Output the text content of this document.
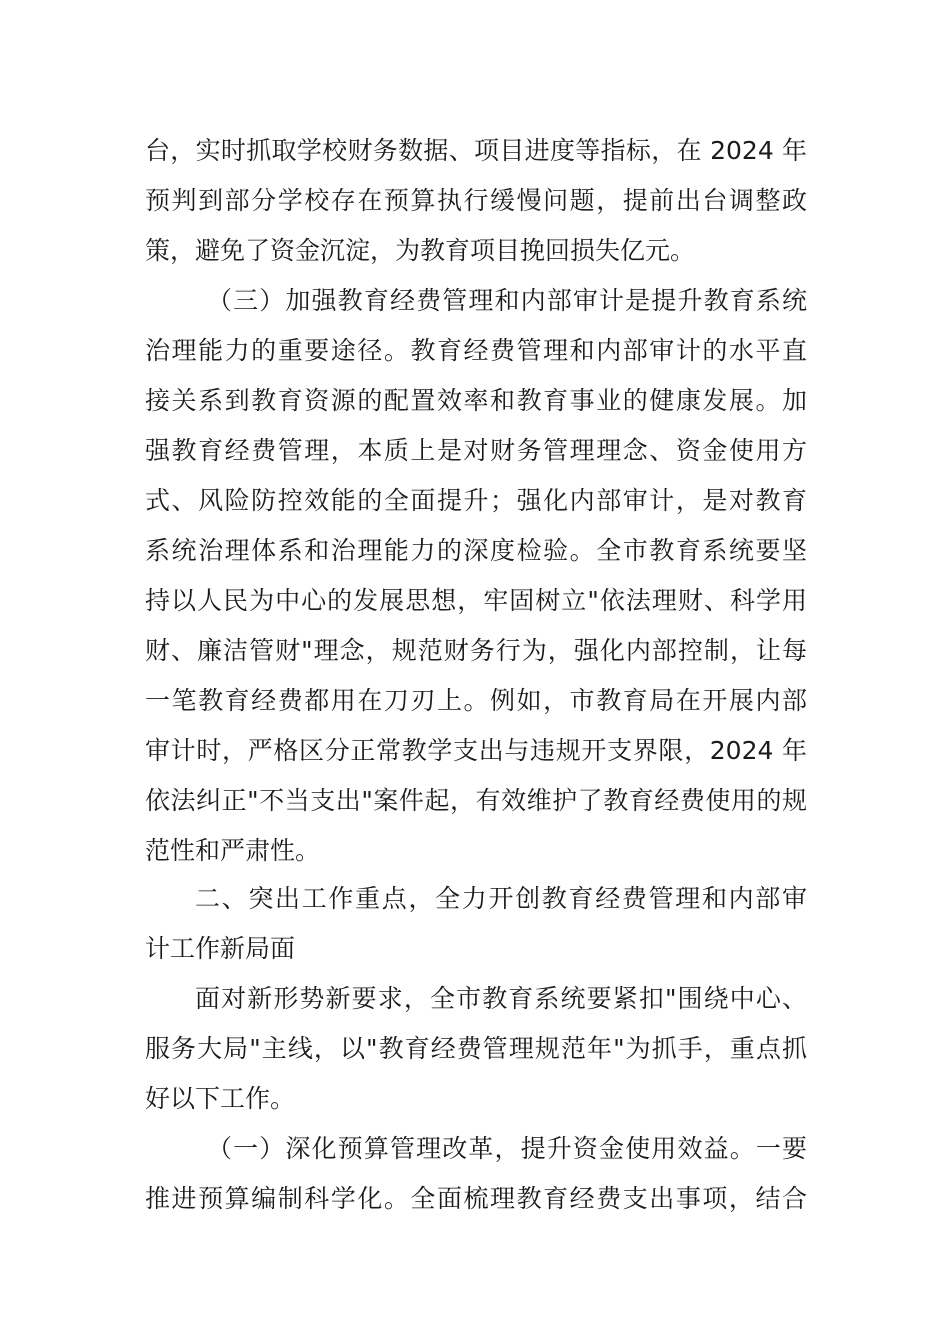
台，实时抓取学校财务数据、项目进度等指标，在 2024 年
预判到部分学校存在预算执行缓慢问题，提前出台调整政
策，避免了资金沉淀，为教育项目挽回损失亿元。
（三）加强教育经费管理和内部审计是提升教育系统
治理能力的重要途径。教育经费管理和内部审计的水平直
接关系到教育资源的配置效率和教育事业的健康发展。加
强教育经费管理，本质上是对财务管理理念、资金使用方
式、风险防控效能的全面提升；强化内部审计，是对教育
系统治理体系和治理能力的深度检验。全市教育系统要坚
持以人民为中心的发展思想，牢固树立"依法理财、科学用
财、廉洁管财"理念，规范财务行为，强化内部控制，让每
一笔教育经费都用在刀刃上。例如，市教育局在开展内部
审计时，严格区分正常教学支出与违规开支界限，2024 年
依法纠正"不当支出"案件起，有效维护了教育经费使用的规
范性和严肃性。
二、突出工作重点，全力开创教育经费管理和内部审
计工作新局面
面对新形势新要求，全市教育系统要紧扣"围绕中心、
服务大局"主线，以"教育经费管理规范年"为抓手，重点抓
好以下工作。
（一）深化预算管理改革，提升资金使用效益。一要
推进预算编制科学化。全面梳理教育经费支出事项，结合
